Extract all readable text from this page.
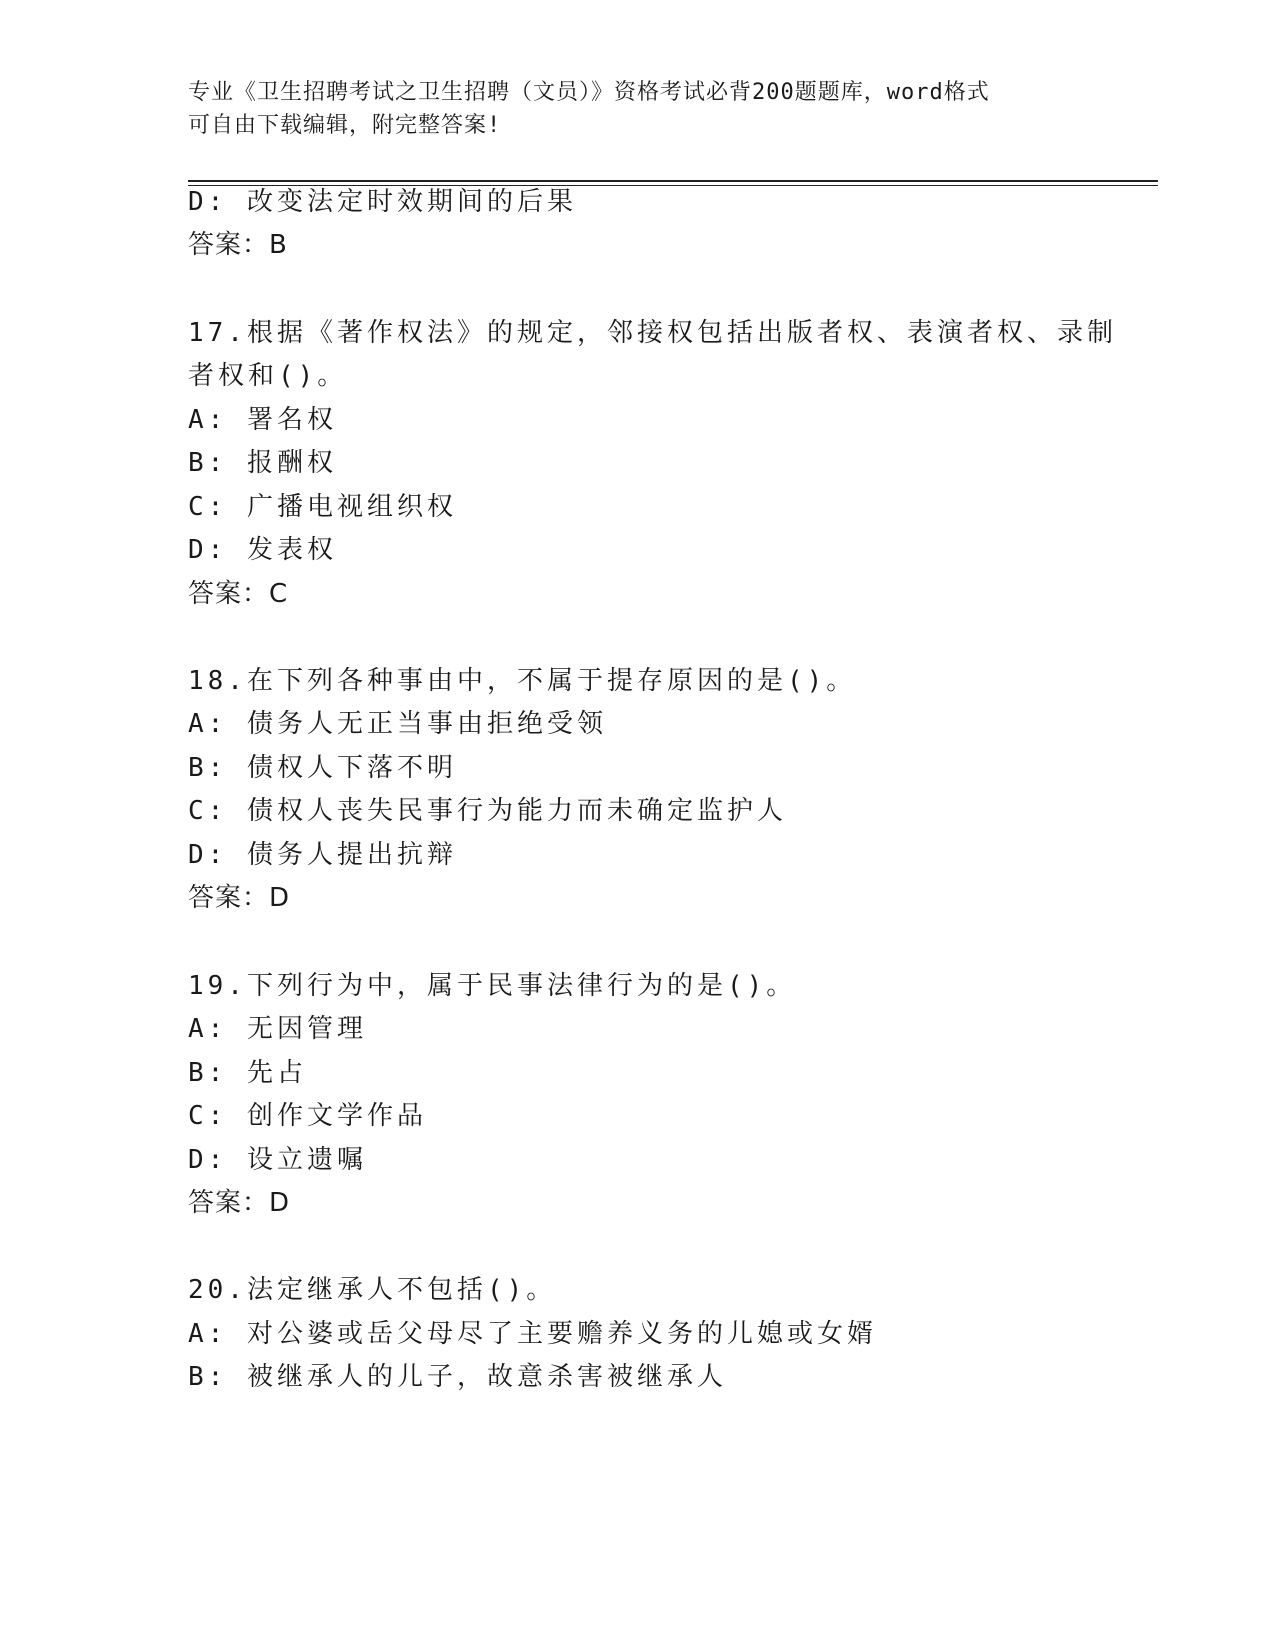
专业《卫生招聘考试之卫生招聘（文员）》资格考试必背200题题库，word格式
可自由下载编辑，附完整答案!
D: 改变法定时效期间的后果
答案：B
17.根据《著作权法》的规定，邻接权包括出版者权、表演者权、录制
者权和()。
A: 署名权
B: 报酬权
C: 广播电视组织权
D: 发表权
答案：C
18.在下列各种事由中，不属于提存原因的是()。
A: 债务人无正当事由拒绝受领
B: 债权人下落不明
C: 债权人丧失民事行为能力而未确定监护人
D: 债务人提出抗辩
答案：D
19.下列行为中，属于民事法律行为的是()。
A: 无因管理
B: 先占
C: 创作文学作品
D: 设立遗嘱
答案：D
20.法定继承人不包括()。
A: 对公婆或岳父母尽了主要赡养义务的儿媳或女婿
B: 被继承人的儿子，故意杀害被继承人
